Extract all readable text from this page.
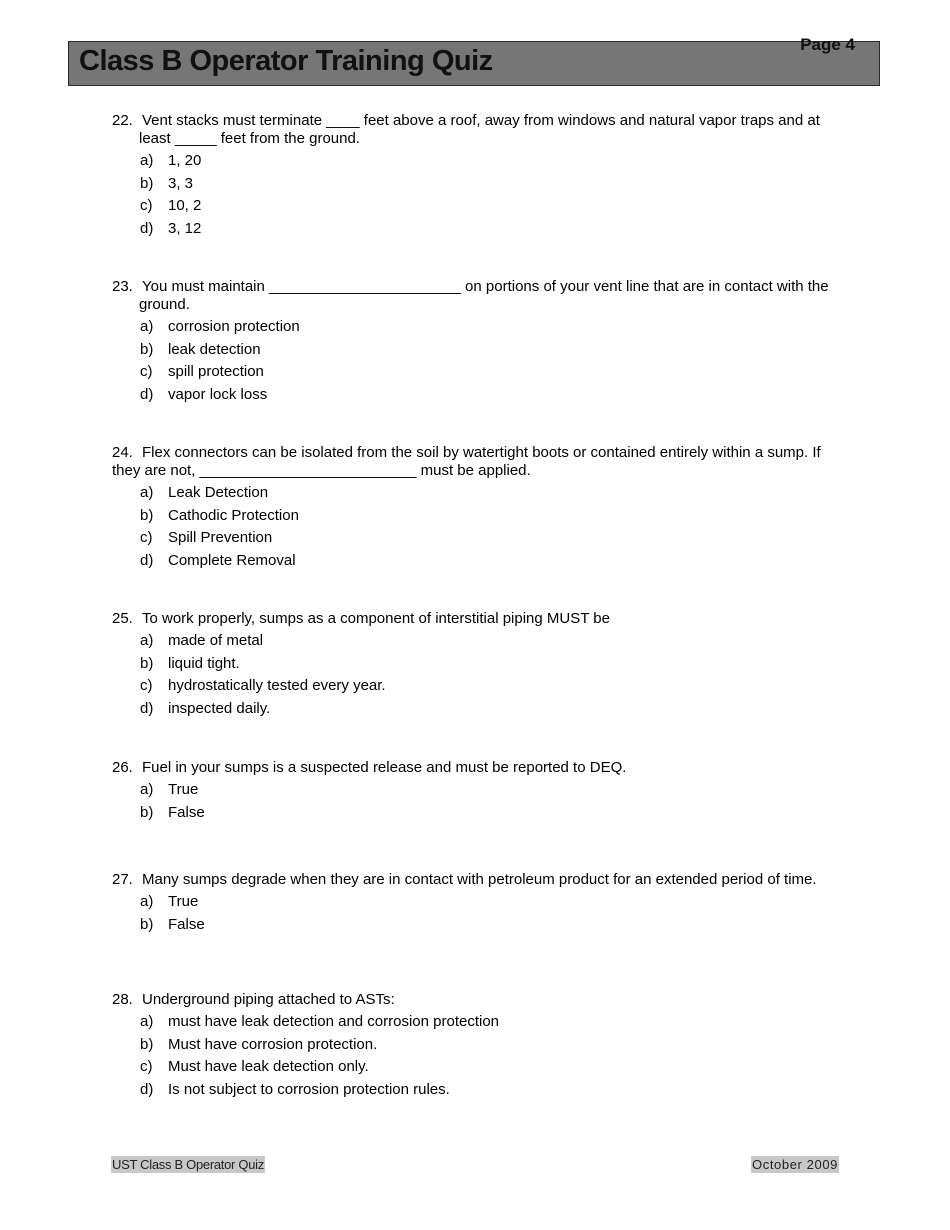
Class B Operator Training Quiz
Page 4

22. Vent stacks must terminate ____ feet above a roof, away from windows and natural vapor traps and at least _____ feet from the ground.

a) 1, 20
b) 3, 3
c) 10, 2
d) 3, 12

23. You must maintain _______________________ on portions of your vent line that are in contact with the ground.

a) corrosion protection
b) leak detection
c) spill protection
d) vapor lock loss

24. Flex connectors can be isolated from the soil by watertight boots or contained entirely within a sump. If they are not, __________________________ must be applied.

a) Leak Detection
b) Cathodic Protection
c) Spill Prevention
d) Complete Removal

25. To work properly, sumps as a component of interstitial piping MUST be

a) made of metal
b) liquid tight.
c) hydrostatically tested every year.
d) inspected daily.

26. Fuel in your sumps is a suspected release and must be reported to DEQ.

a) True
b) False

27. Many sumps degrade when they are in contact with petroleum product for an extended period of time.

a) True
b) False

28. Underground piping attached to ASTs:

a) must have leak detection and corrosion protection
b) Must have corrosion protection.
c) Must have leak detection only.
d) Is not subject to corrosion protection rules.
UST Class B Operator Quiz	October 2009
